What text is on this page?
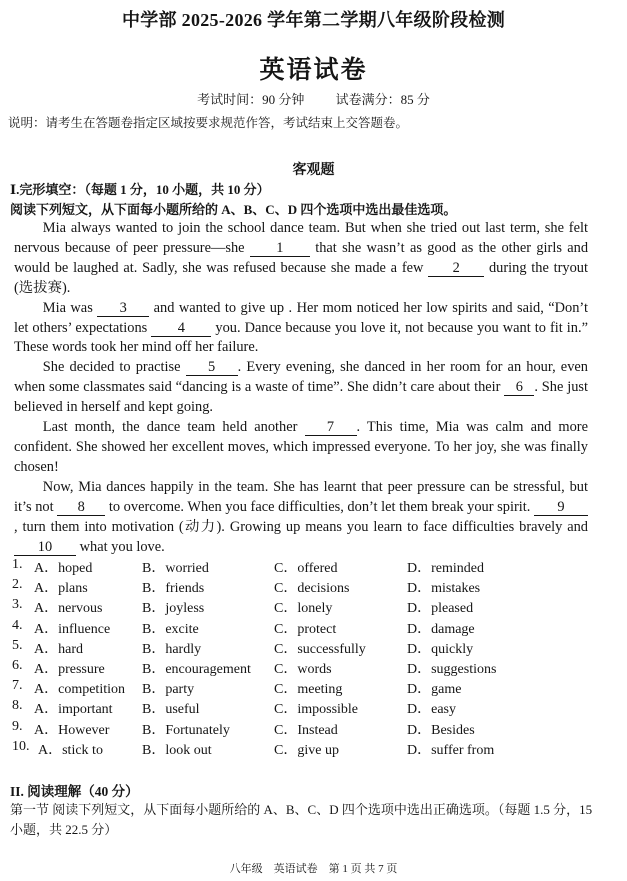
中学部 2025-2026 学年第二学期八年级阶段检测
英语试卷
考试时间：90 分钟 试卷满分：85 分
说明：请考生在答题卷指定区域按要求规范作答，考试结束上交答题卷。
客观题
Ⅰ.完形填空：（每题 1 分，10 小题，共 10 分）
阅读下列短文，从下面每小题所给的 A、B、C、D 四个选项中选出最佳选项。

Mia always wanted to join the school dance team. But when she tried out last term, she felt nervous because of peer pressure—she 1 that she wasn’t as good as the other girls and would be laughed at. Sadly, she was refused because she made a few 2 during the tryout (选拔赛).

Mia was 3 and wanted to give up . Her mom noticed her low spirits and said, “Don’t let others’ expectations 4 you. Dance because you love it, not because you want to fit in.” These words took her mind off her failure.

She decided to practise 5 . Every evening, she danced in her room for an hour, even when some classmates said “dancing is a waste of time”. She didn’t care about their 6 . She just believed in herself and kept going.

Last month, the dance team held another 7 . This time, Mia was calm and more confident. She showed her excellent moves, which impressed everyone. To her joy, she was finally chosen!

Now, Mia dances happily in the team. She has learnt that peer pressure can be stressful, but it’s not 8 to overcome. When you face difficulties, don’t let them break your spirit. 9, turn them into motivation (动力). Growing up means you learn to face difficulties bravely and 10 what you love.

1. A．hoped	B．worried	C．offered	D．reminded
2. A．plans	B．friends	C．decisions	D．mistakes
3. A．nervous	B．joyless	C．lonely	D．pleased
4. A．influence B．excite	C．protect	D．damage
5. A．hard	B．hardly	C．successfully	D．quickly
6. A．pressure	B．encouragement C．words	D．suggestions
7. A．competition B．party	C．meeting	D．game
8. A．important B．useful	C．impossible	D．easy
9. A．However B．Fortunately	C．Instead	D．Besides
10. A．stick to	B．look out	C．give up	D．suffer from
II. 阅读理解（40 分）
第一节 阅读下列短文，从下面每小题所给的 A、B、C、D 四个选项中选出正确选项。（每题 1.5 分，15 小题，共 22.5 分）
八年级　英语试卷　第 1 页 共 7 页
